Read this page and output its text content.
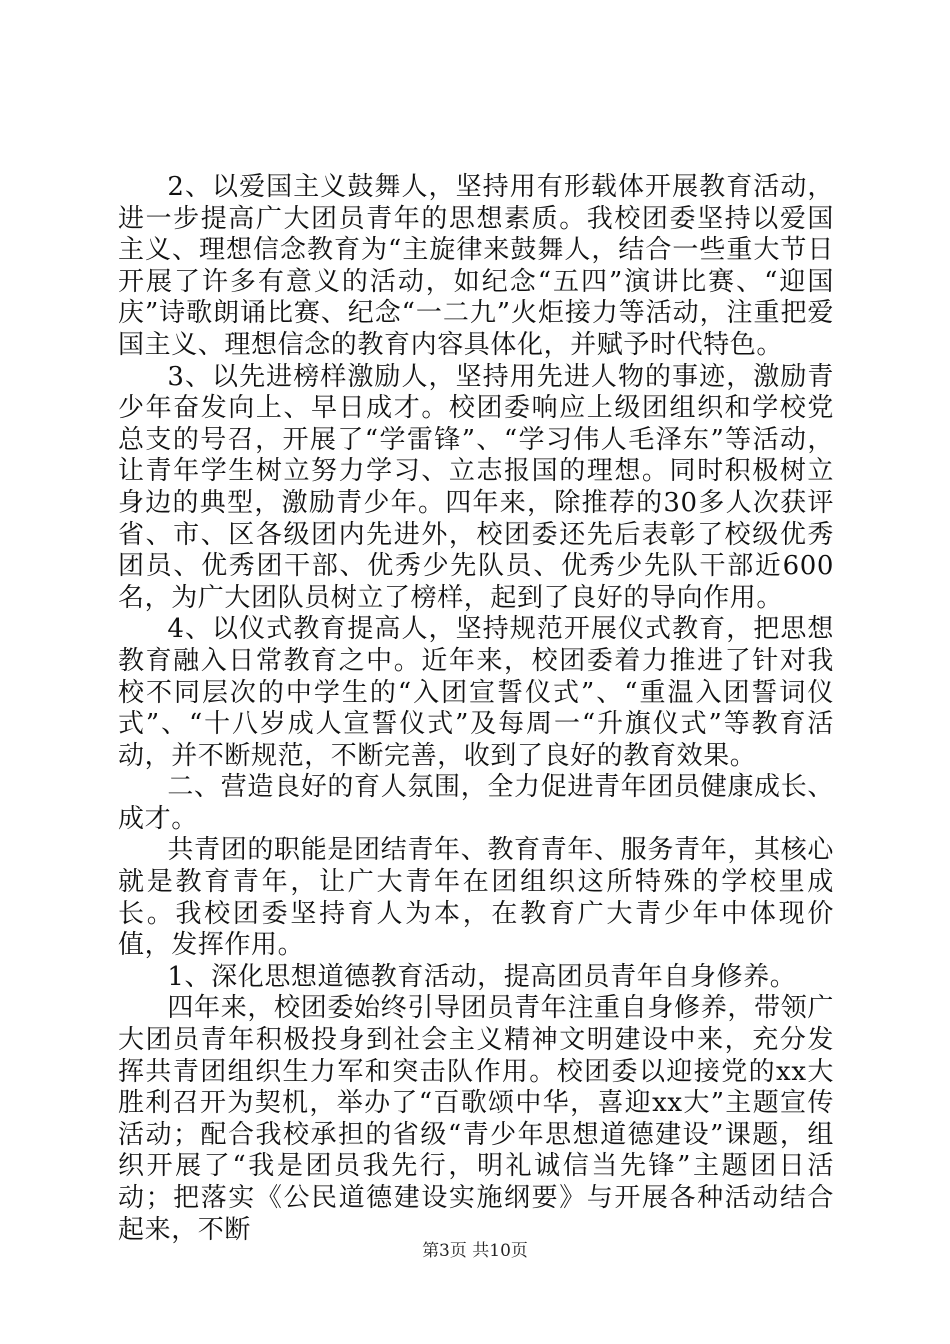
2、以爱国主义鼓舞人，坚持用有形载体开展教育活动，进一步提高广大团员青年的思想素质。我校团委坚持以爱国主义、理想信念教育为“主旋律来鼓舞人，结合一些重大节日开展了许多有意义的活动，如纪念“五四”演讲比赛、“迎国庆”诗歌朗诵比赛、纪念“一二九”火炬接力等活动，注重把爱国主义、理想信念的教育内容具体化，并赋予时代特色。

3、以先进榜样激励人，坚持用先进人物的事迹，激励青少年奋发向上、早日成才。校团委响应上级团组织和学校党总支的号召，开展了“学雷锋”、“学习伟人毛泽东”等活动，让青年学生树立努力学习、立志报国的理想。同时积极树立身边的典型，激励青少年。四年来，除推荐的30多人次获评省、市、区各级团内先进外，校团委还先后表彰了校级优秀团员、优秀团干部、优秀少先队员、优秀少先队干部近600名，为广大团队员树立了榜样，起到了良好的导向作用。

4、以仪式教育提高人，坚持规范开展仪式教育，把思想教育融入日常教育之中。近年来，校团委着力推进了针对我校不同层次的中学生的“入团宣誓仪式”、“重温入团誓词仪式”、“十八岁成人宣誓仪式”及每周一“升旗仪式”等教育活动，并不断规范，不断完善，收到了良好的教育效果。

二、营造良好的育人氛围，全力促进青年团员健康成长、成才。

共青团的职能是团结青年、教育青年、服务青年，其核心就是教育青年，让广大青年在团组织这所特殊的学校里成长。我校团委坚持育人为本，在教育广大青少年中体现价值，发挥作用。

1、深化思想道德教育活动，提高团员青年自身修养。

四年来，校团委始终引导团员青年注重自身修养，带领广大团员青年积极投身到社会主义精神文明建设中来，充分发挥共青团组织生力军和突击队作用。校团委以迎接党的xx大胜利召开为契机，举办了“百歌颂中华，喜迎xx大”主题宣传活动；配合我校承担的省级“青少年思想道德建设”课题，组织开展了“我是团员我先行，明礼诚信当先锋”主题团日活动；把落实《公民道德建设实施纲要》与开展各种活动结合起来，不断

第3页 共10页
